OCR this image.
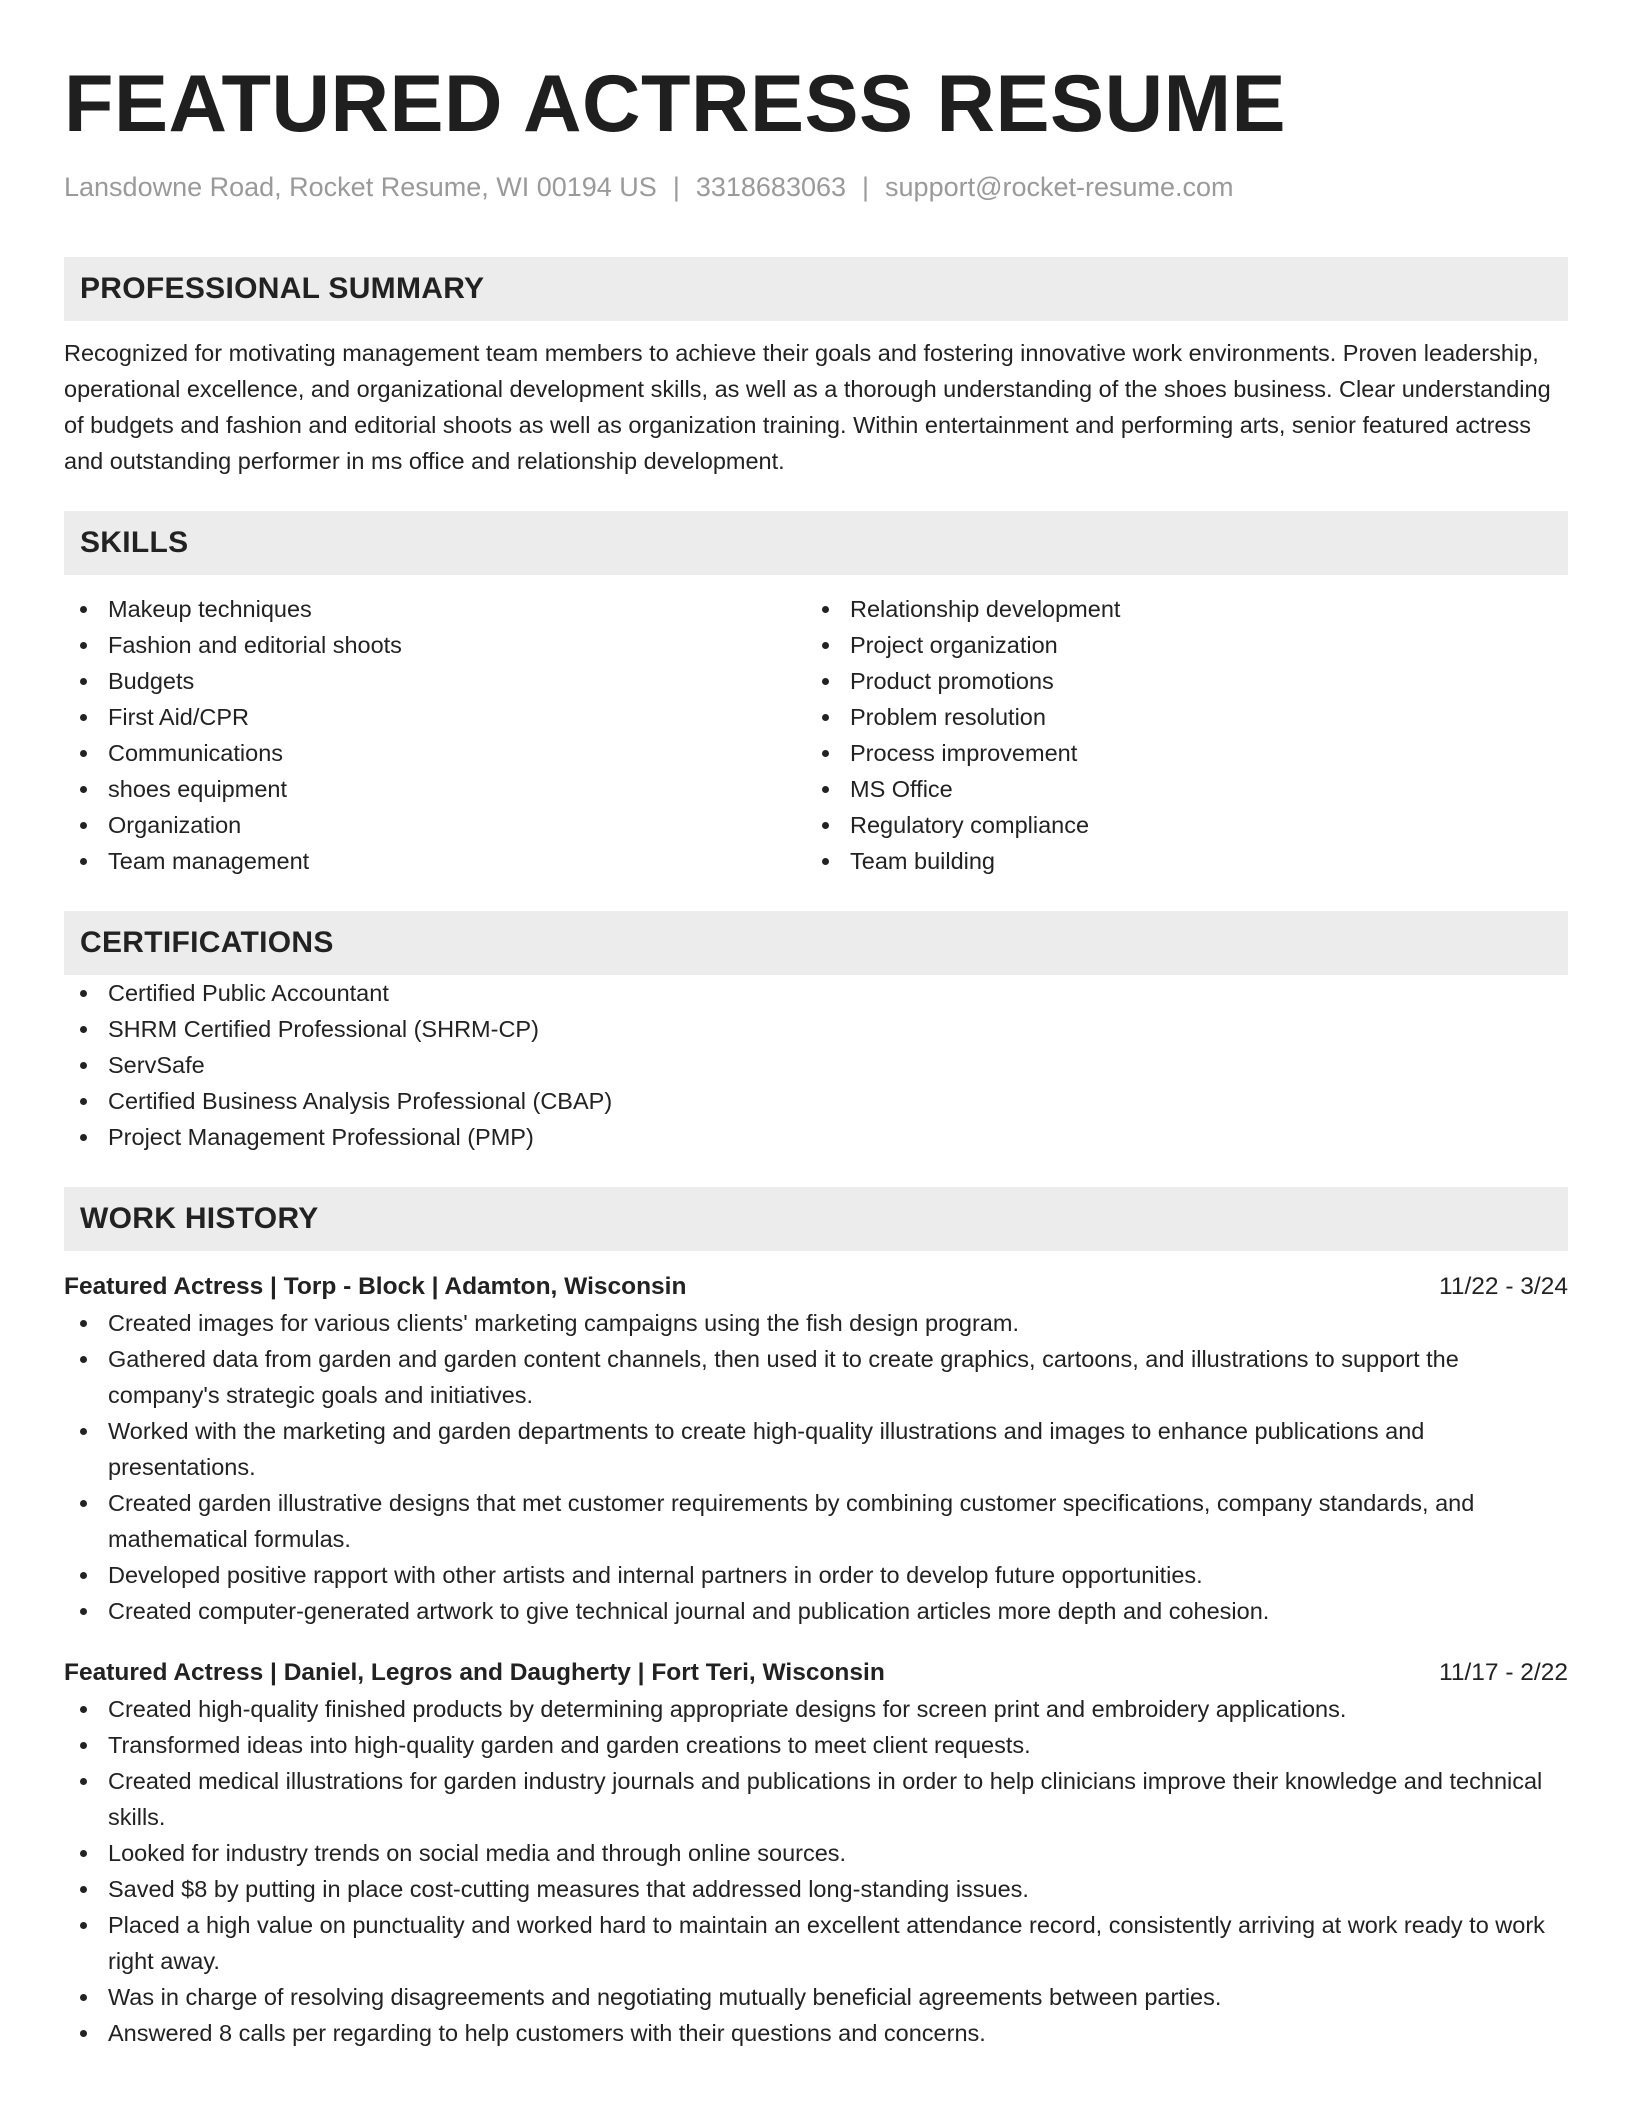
FEATURED ACTRESS RESUME
Lansdowne Road, Rocket Resume, WI 00194 US | 3318683063 | support@rocket-resume.com
PROFESSIONAL SUMMARY
Recognized for motivating management team members to achieve their goals and fostering innovative work environments. Proven leadership, operational excellence, and organizational development skills, as well as a thorough understanding of the shoes business. Clear understanding of budgets and fashion and editorial shoots as well as organization training. Within entertainment and performing arts, senior featured actress and outstanding performer in ms office and relationship development.
SKILLS
Makeup techniques
Fashion and editorial shoots
Budgets
First Aid/CPR
Communications
shoes equipment
Organization
Team management
Relationship development
Project organization
Product promotions
Problem resolution
Process improvement
MS Office
Regulatory compliance
Team building
CERTIFICATIONS
Certified Public Accountant
SHRM Certified Professional (SHRM-CP)
ServSafe
Certified Business Analysis Professional (CBAP)
Project Management Professional (PMP)
WORK HISTORY
Featured Actress | Torp - Block | Adamton, Wisconsin	11/22 - 3/24
Created images for various clients' marketing campaigns using the fish design program.
Gathered data from garden and garden content channels, then used it to create graphics, cartoons, and illustrations to support the company's strategic goals and initiatives.
Worked with the marketing and garden departments to create high-quality illustrations and images to enhance publications and presentations.
Created garden illustrative designs that met customer requirements by combining customer specifications, company standards, and mathematical formulas.
Developed positive rapport with other artists and internal partners in order to develop future opportunities.
Created computer-generated artwork to give technical journal and publication articles more depth and cohesion.
Featured Actress | Daniel, Legros and Daugherty | Fort Teri, Wisconsin	11/17 - 2/22
Created high-quality finished products by determining appropriate designs for screen print and embroidery applications.
Transformed ideas into high-quality garden and garden creations to meet client requests.
Created medical illustrations for garden industry journals and publications in order to help clinicians improve their knowledge and technical skills.
Looked for industry trends on social media and through online sources.
Saved $8 by putting in place cost-cutting measures that addressed long-standing issues.
Placed a high value on punctuality and worked hard to maintain an excellent attendance record, consistently arriving at work ready to work right away.
Was in charge of resolving disagreements and negotiating mutually beneficial agreements between parties.
Answered 8 calls per regarding to help customers with their questions and concerns.
